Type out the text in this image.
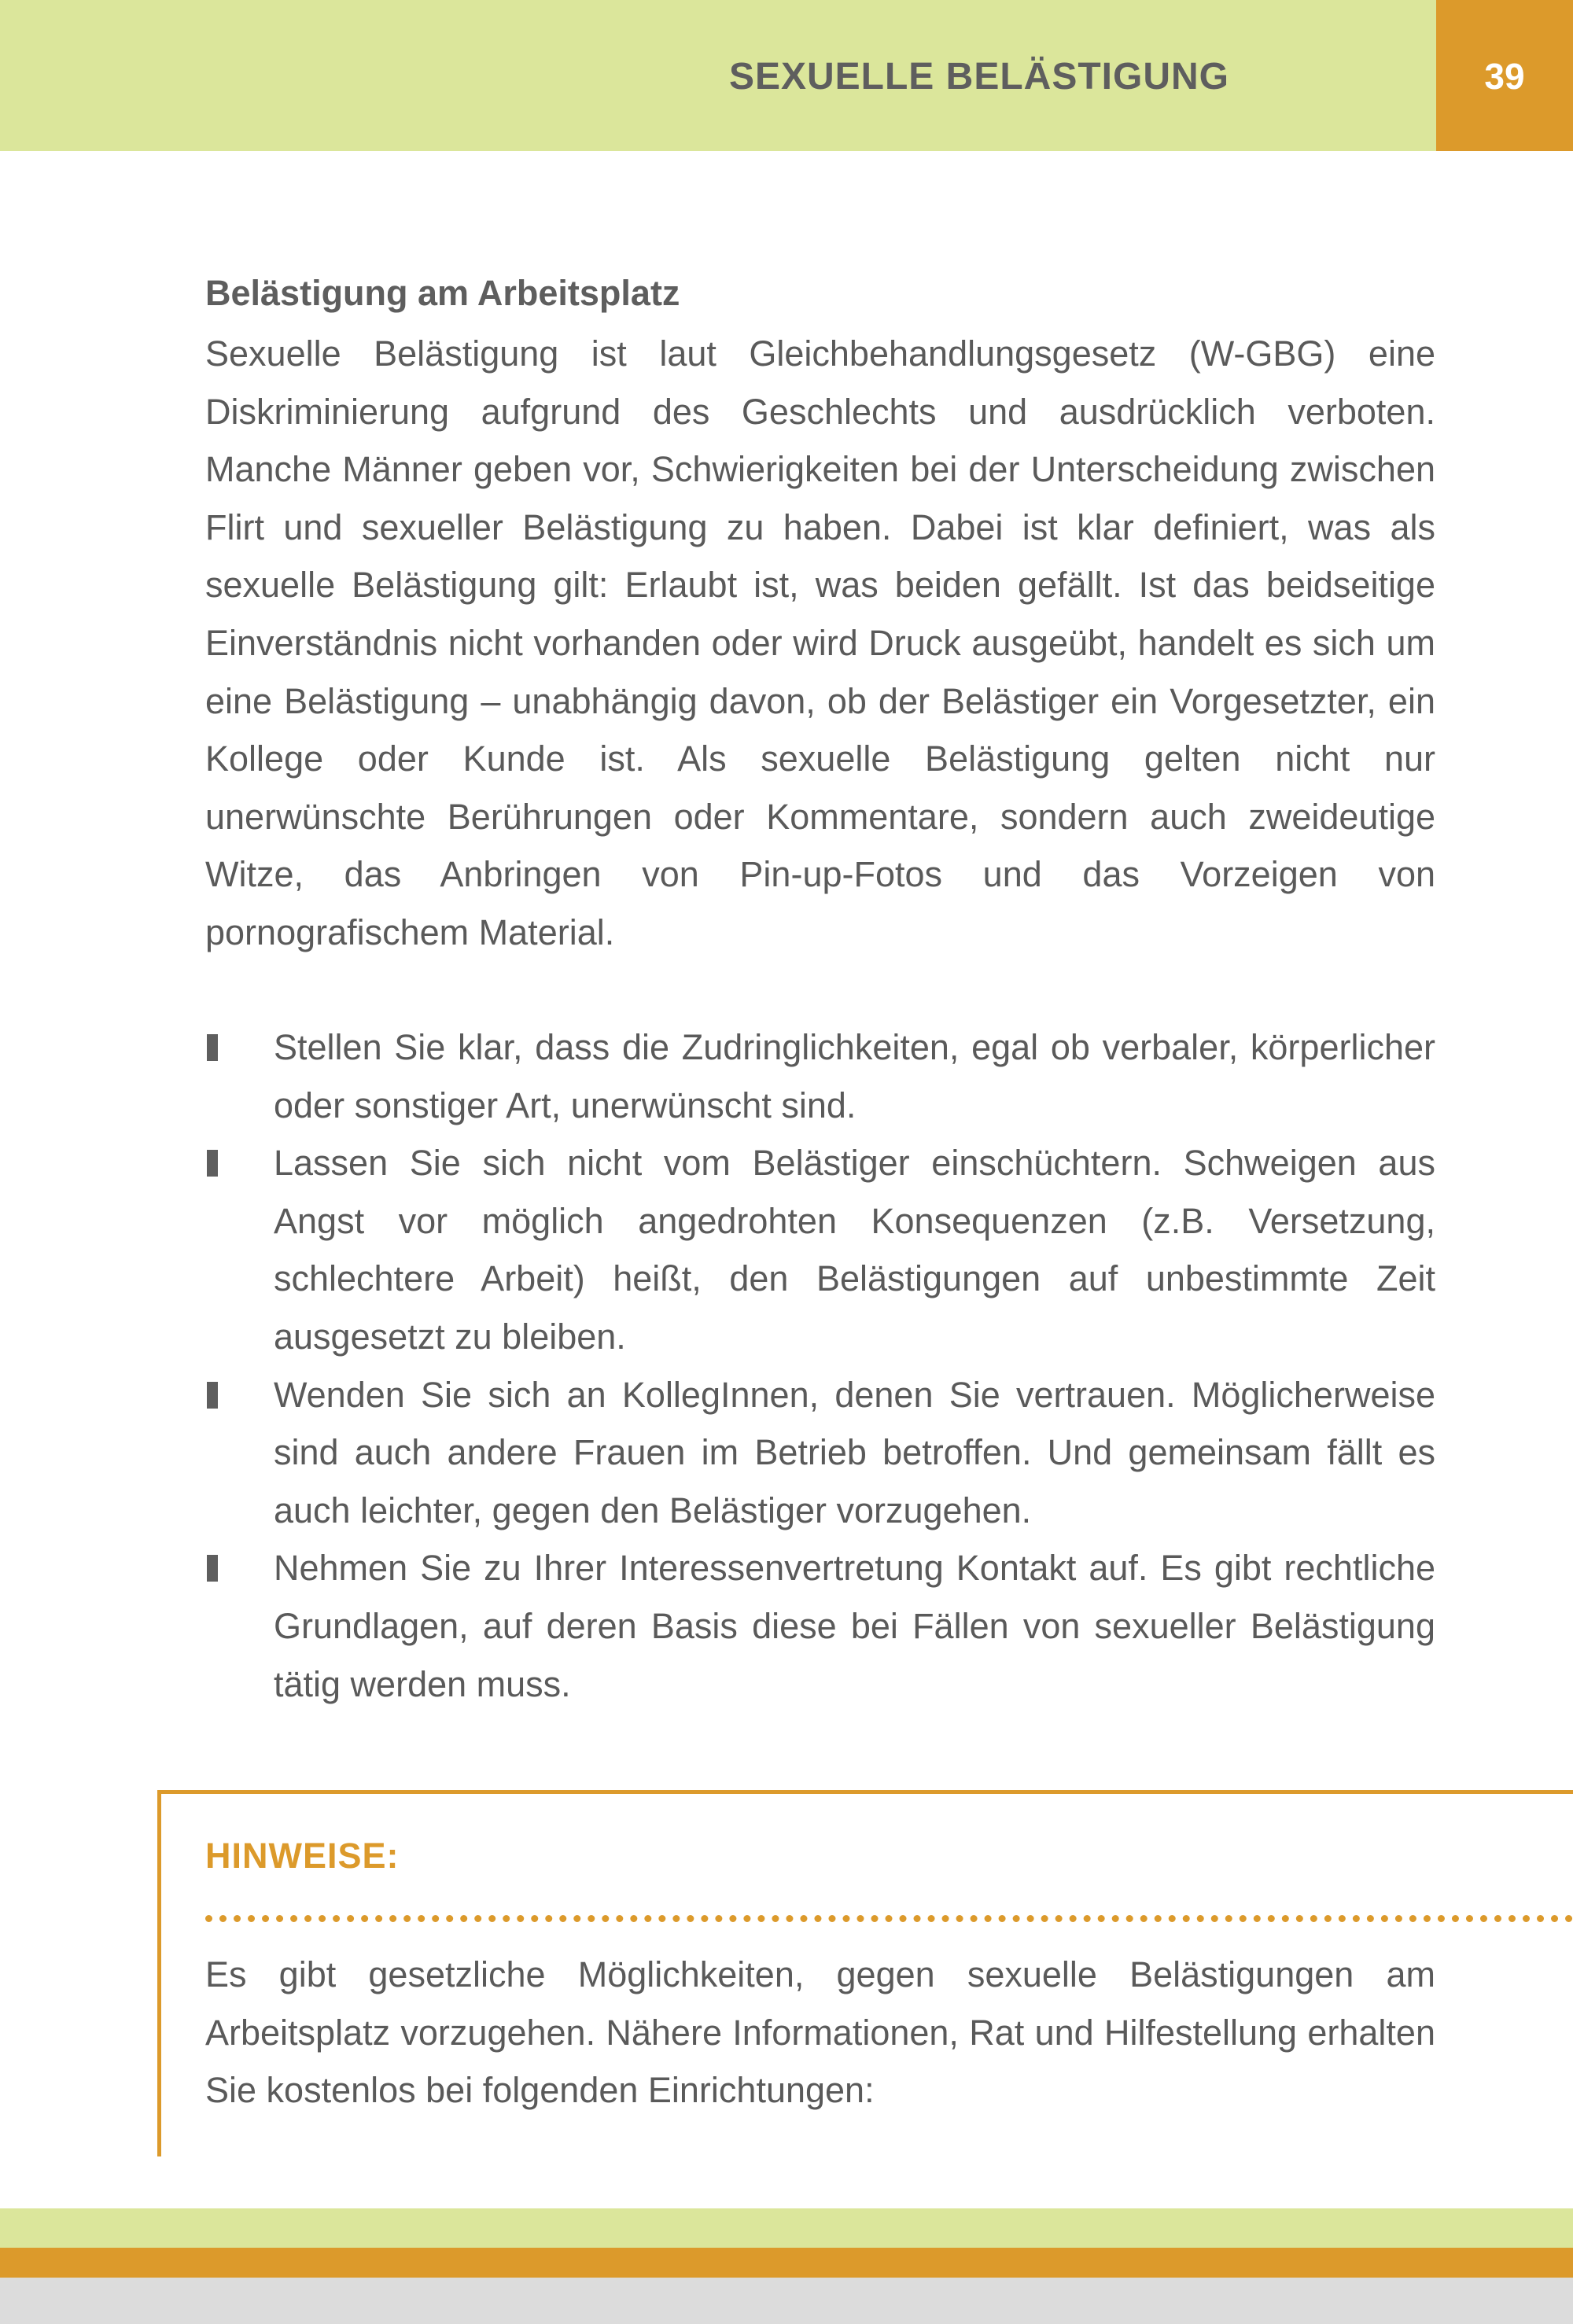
SEXUELLE BELÄSTIGUNG	39
Belästigung am Arbeitsplatz
Sexuelle Belästigung ist laut Gleichbehandlungsgesetz (W-GBG) eine Diskriminierung aufgrund des Geschlechts und ausdrücklich verboten. Manche Männer geben vor, Schwierigkeiten bei der Unterscheidung zwischen Flirt und sexueller Belästigung zu haben. Dabei ist klar definiert, was als sexuelle Belästigung gilt: Erlaubt ist, was beiden gefällt. Ist das beidseitige Einverständnis nicht vorhanden oder wird Druck ausgeübt, handelt es sich um eine Belästigung – unabhängig davon, ob der Belästiger ein Vorgesetzter, ein Kollege oder Kunde ist. Als sexuelle Belästigung gelten nicht nur unerwünschte Berührungen oder Kommentare, sondern auch zweideutige Witze, das Anbringen von Pin-up-Fotos und das Vorzeigen von pornografischem Material.
Stellen Sie klar, dass die Zudringlichkeiten, egal ob verbaler, körperlicher oder sonstiger Art, unerwünscht sind.
Lassen Sie sich nicht vom Belästiger einschüchtern. Schweigen aus Angst vor möglich angedrohten Konsequenzen (z.B. Versetzung, schlechtere Arbeit) heißt, den Belästigungen auf unbestimmte Zeit ausgesetzt zu bleiben.
Wenden Sie sich an KollegInnen, denen Sie vertrauen. Möglicherweise sind auch andere Frauen im Betrieb betroffen. Und gemeinsam fällt es auch leichter, gegen den Belästiger vorzugehen.
Nehmen Sie zu Ihrer Interessenvertretung Kontakt auf. Es gibt rechtliche Grundlagen, auf deren Basis diese bei Fällen von sexueller Belästigung tätig werden muss.
HINWEISE:
Es gibt gesetzliche Möglichkeiten, gegen sexuelle Belästigungen am Arbeitsplatz vorzugehen. Nähere Informationen, Rat und Hilfestellung erhalten Sie kostenlos bei folgenden Einrichtungen:
